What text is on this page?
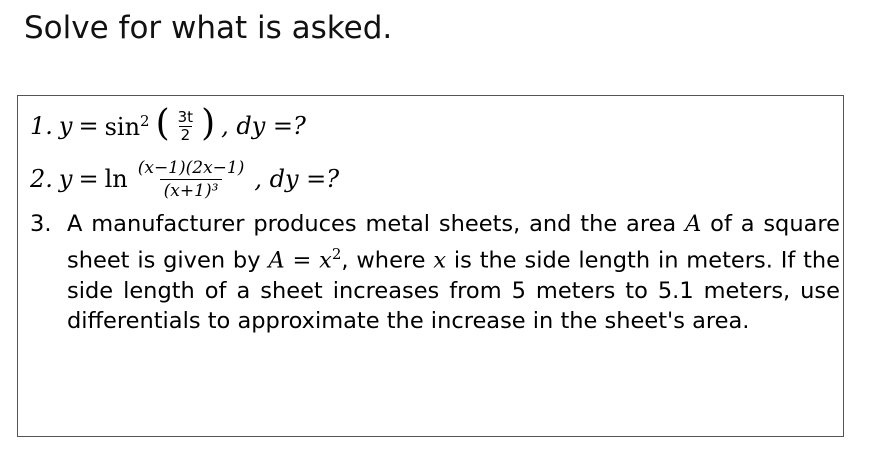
Solve for what is asked.
1. $y = \sin^2$ ( $\frac{3t}{2}$ ) , dy =?
2. $y = \ln \frac{(x-1)(2x-1)}{\text{(x+1)³}}$ , dy =?
3. A manufacturer produces metal sheets, and the area A of a square sheet is given by $A = x^2$, where x is the side length in meters. If the side length of a sheet increases from 5 meters to 5.1 meters, use differentials to approximate the increase in the sheet's area.
